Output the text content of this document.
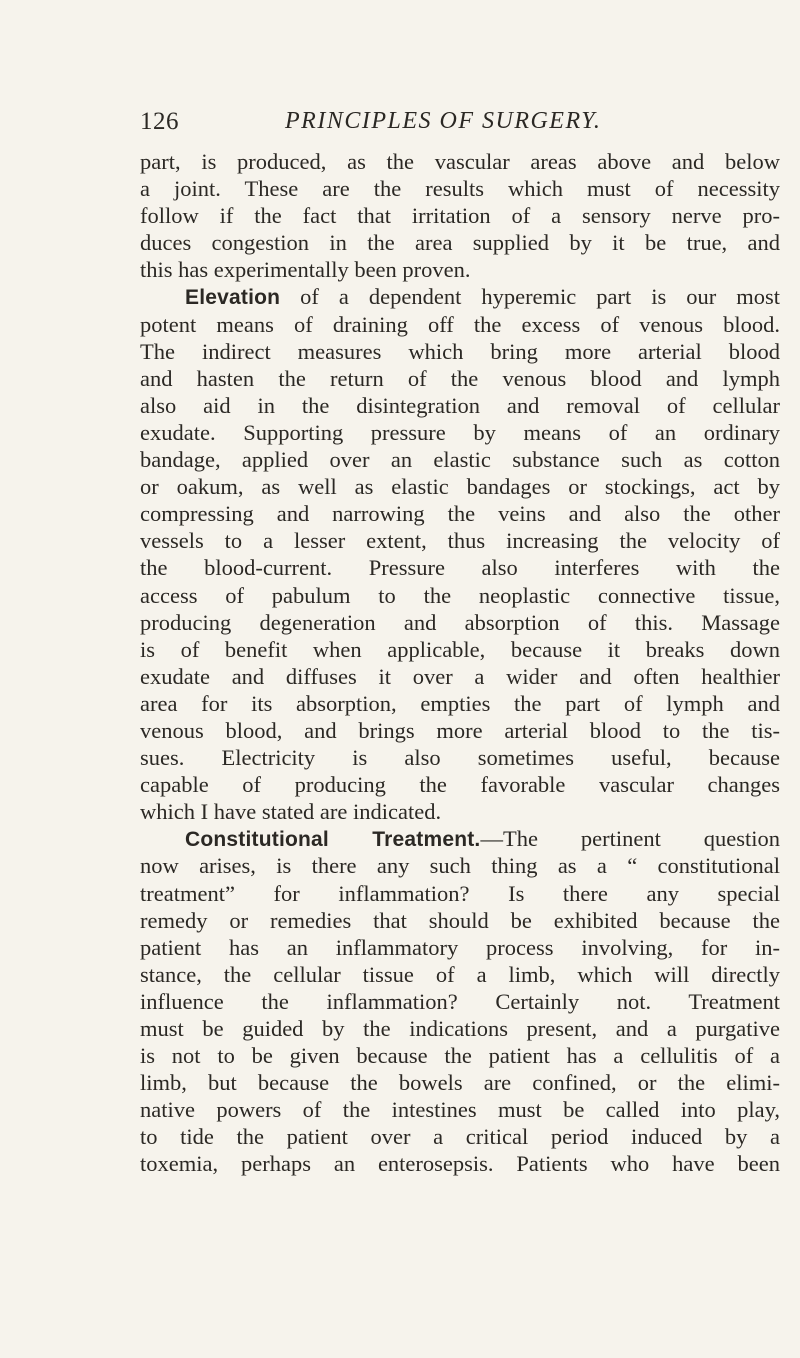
126	PRINCIPLES OF SURGERY.
part, is produced, as the vascular areas above and below
a joint. These are the results which must of necessity
follow if the fact that irritation of a sensory nerve pro-
duces congestion in the area supplied by it be true, and
this has experimentally been proven.
Elevation of a dependent hyperemic part is our most
potent means of draining off the excess of venous blood.
The indirect measures which bring more arterial blood
and hasten the return of the venous blood and lymph
also aid in the disintegration and removal of cellular
exudate. Supporting pressure by means of an ordinary
bandage, applied over an elastic substance such as cotton
or oakum, as well as elastic bandages or stockings, act by
compressing and narrowing the veins and also the other
vessels to a lesser extent, thus increasing the velocity of
the blood-current. Pressure also interferes with the
access of pabulum to the neoplastic connective tissue,
producing degeneration and absorption of this. Massage
is of benefit when applicable, because it breaks down
exudate and diffuses it over a wider and often healthier
area for its absorption, empties the part of lymph and
venous blood, and brings more arterial blood to the tis-
sues. Electricity is also sometimes useful, because
capable of producing the favorable vascular changes
which I have stated are indicated.
Constitutional Treatment.—The pertinent question
now arises, is there any such thing as a “ constitutional
treatment” for inflammation? Is there any special
remedy or remedies that should be exhibited because the
patient has an inflammatory process involving, for in-
stance, the cellular tissue of a limb, which will directly
influence the inflammation? Certainly not. Treatment
must be guided by the indications present, and a purgative
is not to be given because the patient has a cellulitis of a
limb, but because the bowels are confined, or the elimi-
native powers of the intestines must be called into play,
to tide the patient over a critical period induced by a
toxemia, perhaps an enterosepsis. Patients who have been
